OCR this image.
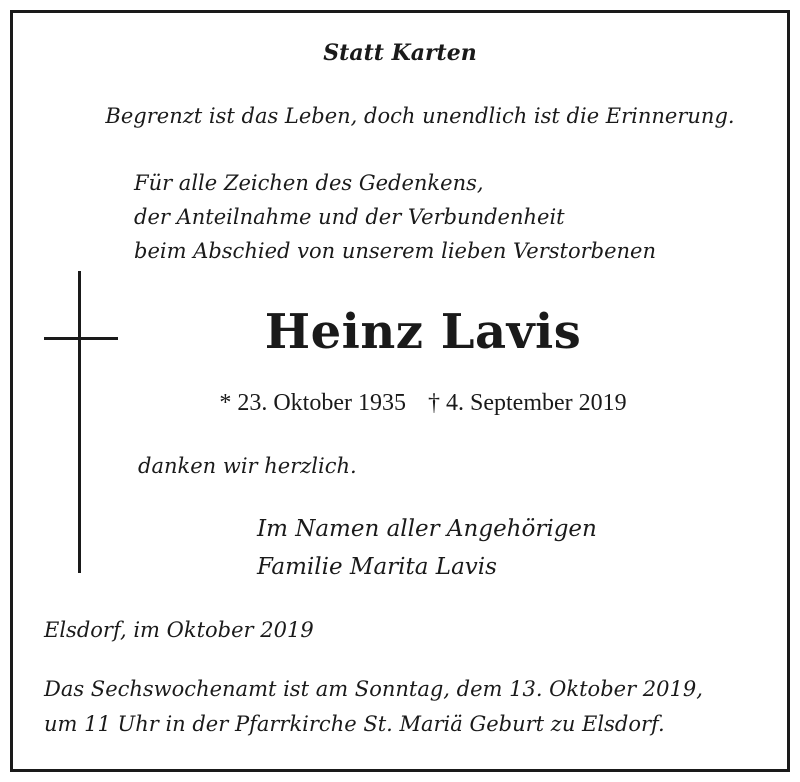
Statt Karten
Begrenzt ist das Leben, doch unendlich ist die Erinnerung.
Für alle Zeichen des Gedenkens,
der Anteilnahme und der Verbundenheit
beim Abschied von unserem lieben Verstorbenen
Heinz Lavis
* 23. Oktober 1935 † 4. September 2019
danken wir herzlich.
Im Namen aller Angehörigen
Familie Marita Lavis
Elsdorf, im Oktober 2019
Das Sechswochenamt ist am Sonntag, dem 13. Oktober 2019,
um 11 Uhr in der Pfarrkirche St. Mariä Geburt zu Elsdorf.
